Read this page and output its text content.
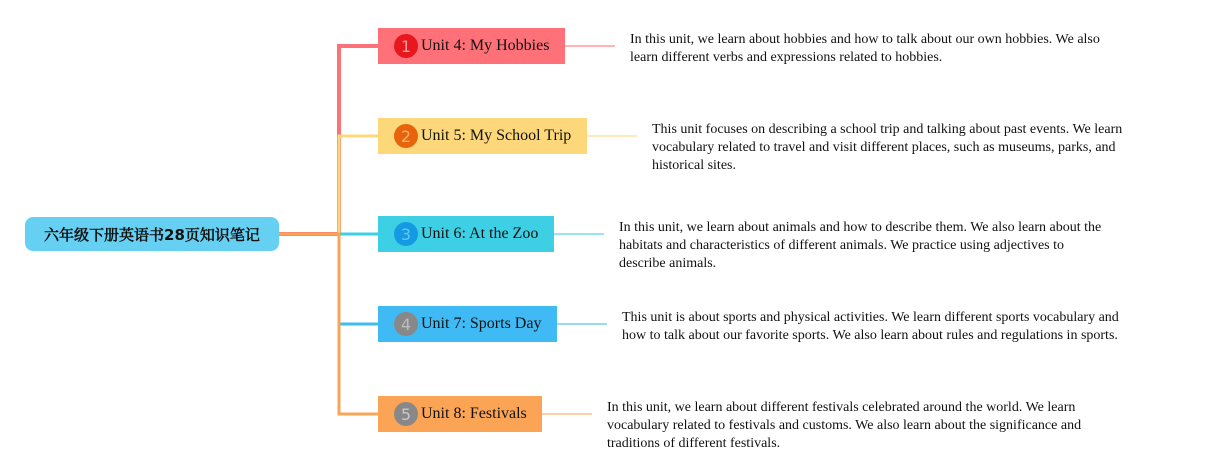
六年级下册英语书28页知识笔记
1 Unit 4: My Hobbies	In this unit, we learn about hobbies and how to talk about our own hobbies. We also learn different verbs and expressions related to hobbies.
2 Unit 5: My School Trip	This unit focuses on describing a school trip and talking about past events. We learn vocabulary related to travel and visit different places, such as museums, parks, and historical sites.
3 Unit 6: At the Zoo	In this unit, we learn about animals and how to describe them. We also learn about the habitats and characteristics of different animals. We practice using adjectives to describe animals.
4 Unit 7: Sports Day	This unit is about sports and physical activities. We learn different sports vocabulary and how to talk about our favorite sports. We also learn about rules and regulations in sports.
5 Unit 8: Festivals	In this unit, we learn about different festivals celebrated around the world. We learn vocabulary related to festivals and customs. We also learn about the significance and traditions of different festivals.
